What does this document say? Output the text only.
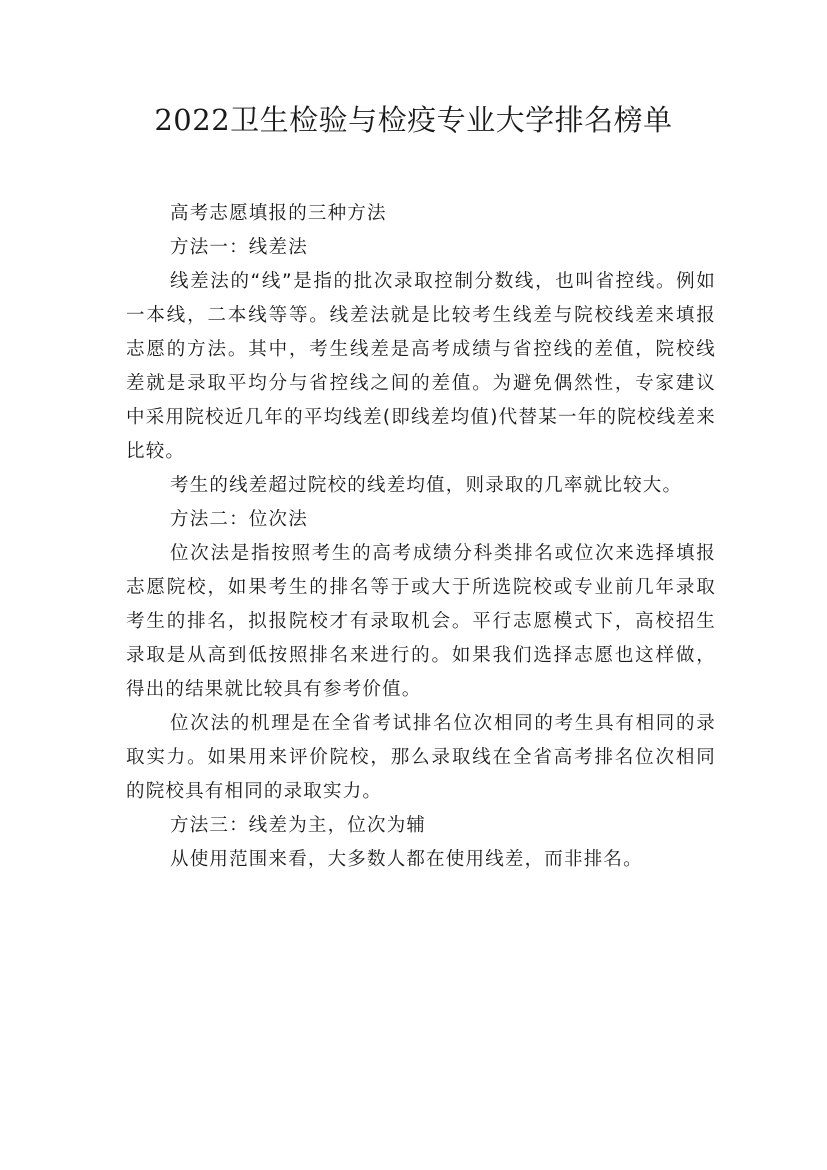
2022卫生检验与检疫专业大学排名榜单

高考志愿填报的三种方法

方法一：线差法

线差法的“线”是指的批次录取控制分数线，也叫省控线。例如一本线，二本线等等。线差法就是比较考生线差与院校线差来填报志愿的方法。其中，考生线差是高考成绩与省控线的差值，院校线差就是录取平均分与省控线之间的差值。为避免偶然性，专家建议中采用院校近几年的平均线差(即线差均值)代替某一年的院校线差来比较。

考生的线差超过院校的线差均值，则录取的几率就比较大。

方法二：位次法

位次法是指按照考生的高考成绩分科类排名或位次来选择填报志愿院校，如果考生的排名等于或大于所选院校或专业前几年录取考生的排名，拟报院校才有录取机会。平行志愿模式下，高校招生录取是从高到低按照排名来进行的。如果我们选择志愿也这样做，得出的结果就比较具有参考价值。

位次法的机理是在全省考试排名位次相同的考生具有相同的录取实力。如果用来评价院校，那么录取线在全省高考排名位次相同的院校具有相同的录取实力。

方法三：线差为主，位次为辅

从使用范围来看，大多数人都在使用线差，而非排名。
